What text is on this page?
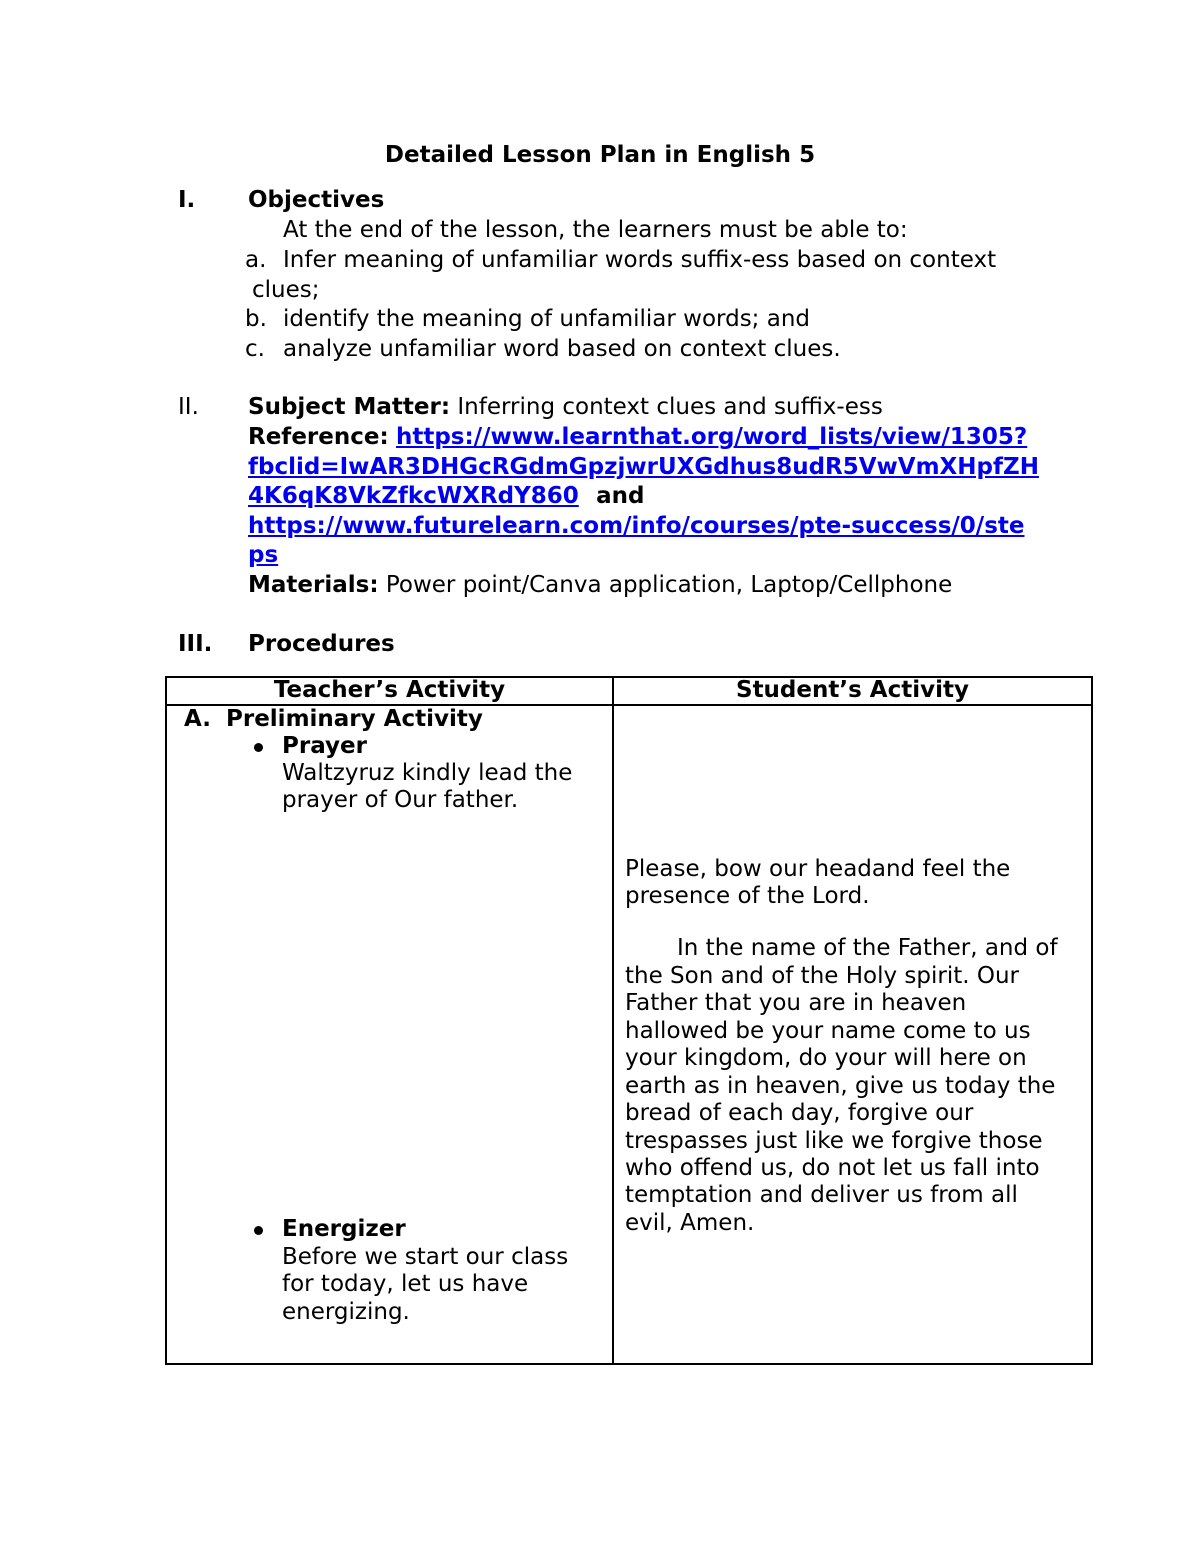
Detailed Lesson Plan in English 5
I. Objectives
At the end of the lesson, the learners must be able to:
a. Infer meaning of unfamiliar words suffix-ess based on context
clues;
b. identify the meaning of unfamiliar words; and
c. analyze unfamiliar word based on context clues.
II. Subject Matter: Inferring context clues and suffix-ess
Reference: https://www.learnthat.org/word_lists/view/1305?
fbclid=IwAR3DHGcRGdmGpzjwrUXGdhus8udR5VwVmXHpfZH
4K6qK8VkZfkcWXRdY860 and
https://www.futurelearn.com/info/courses/pte-success/0/ste
ps
Materials: Power point/Canva application, Laptop/Cellphone
III. Procedures
Teacher’s Activity	Student’s Activity
A. Preliminary Activity
Prayer
Waltzyruz kindly lead the
prayer of Our father.
Energizer
Before we start our class
for today, let us have
energizing.
Please, bow our headand feel the
presence of the Lord.
In the name of the Father, and of
the Son and of the Holy spirit. Our
Father that you are in heaven
hallowed be your name come to us
your kingdom, do your will here on
earth as in heaven, give us today the
bread of each day, forgive our
trespasses just like we forgive those
who offend us, do not let us fall into
temptation and deliver us from all
evil, Amen.
